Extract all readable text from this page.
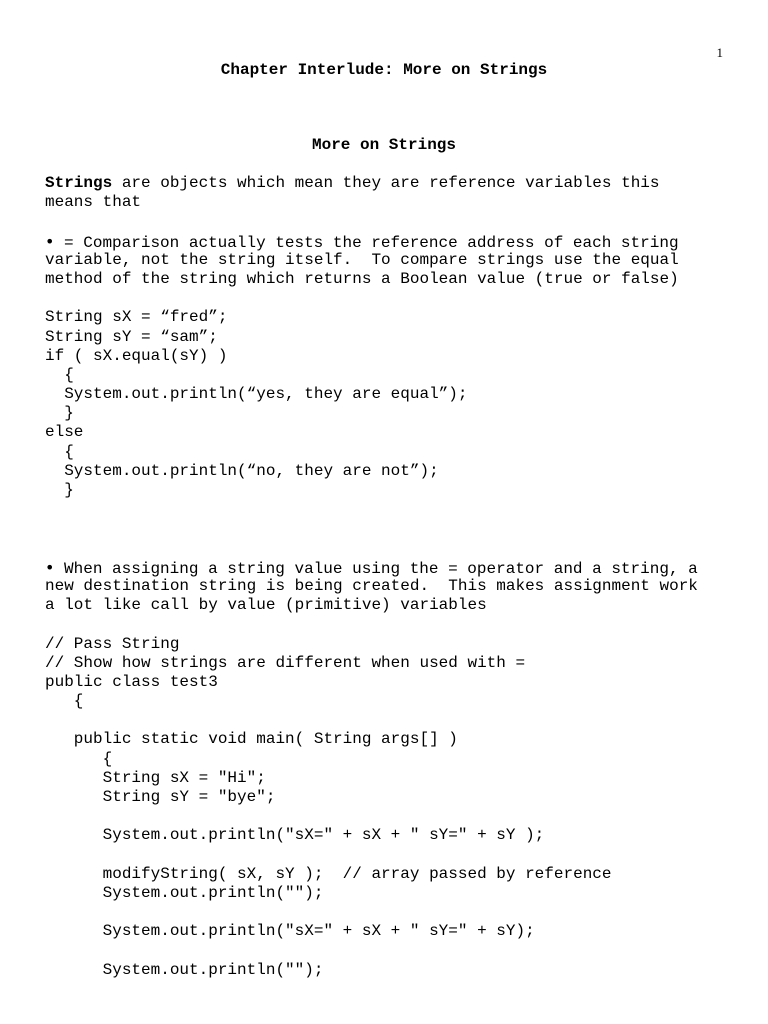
1
Chapter Interlude: More on Strings
More on Strings
Strings are objects which mean they are reference variables this
means that
• = Comparison actually tests the reference address of each string
variable, not the string itself.  To compare strings use the equal
method of the string which returns a Boolean value (true or false)
String sX = “fred”;
String sY = “sam”;
if ( sX.equal(sY) )
{
System.out.println(“yes, they are equal”);
}
else
{
System.out.println(“no, they are not”);
}
• When assigning a string value using the = operator and a string, a
new destination string is being created.  This makes assignment work
a lot like call by value (primitive) variables
// Pass String
// Show how strings are different when used with =
public class test3
{
public static void main( String args[] )
{
String sX = "Hi";
String sY = "bye";
System.out.println("sX=" + sX + " sY=" + sY );
modifyString( sX, sY );  // array passed by reference
System.out.println("");
System.out.println("sX=" + sX + " sY=" + sY);
System.out.println("");
